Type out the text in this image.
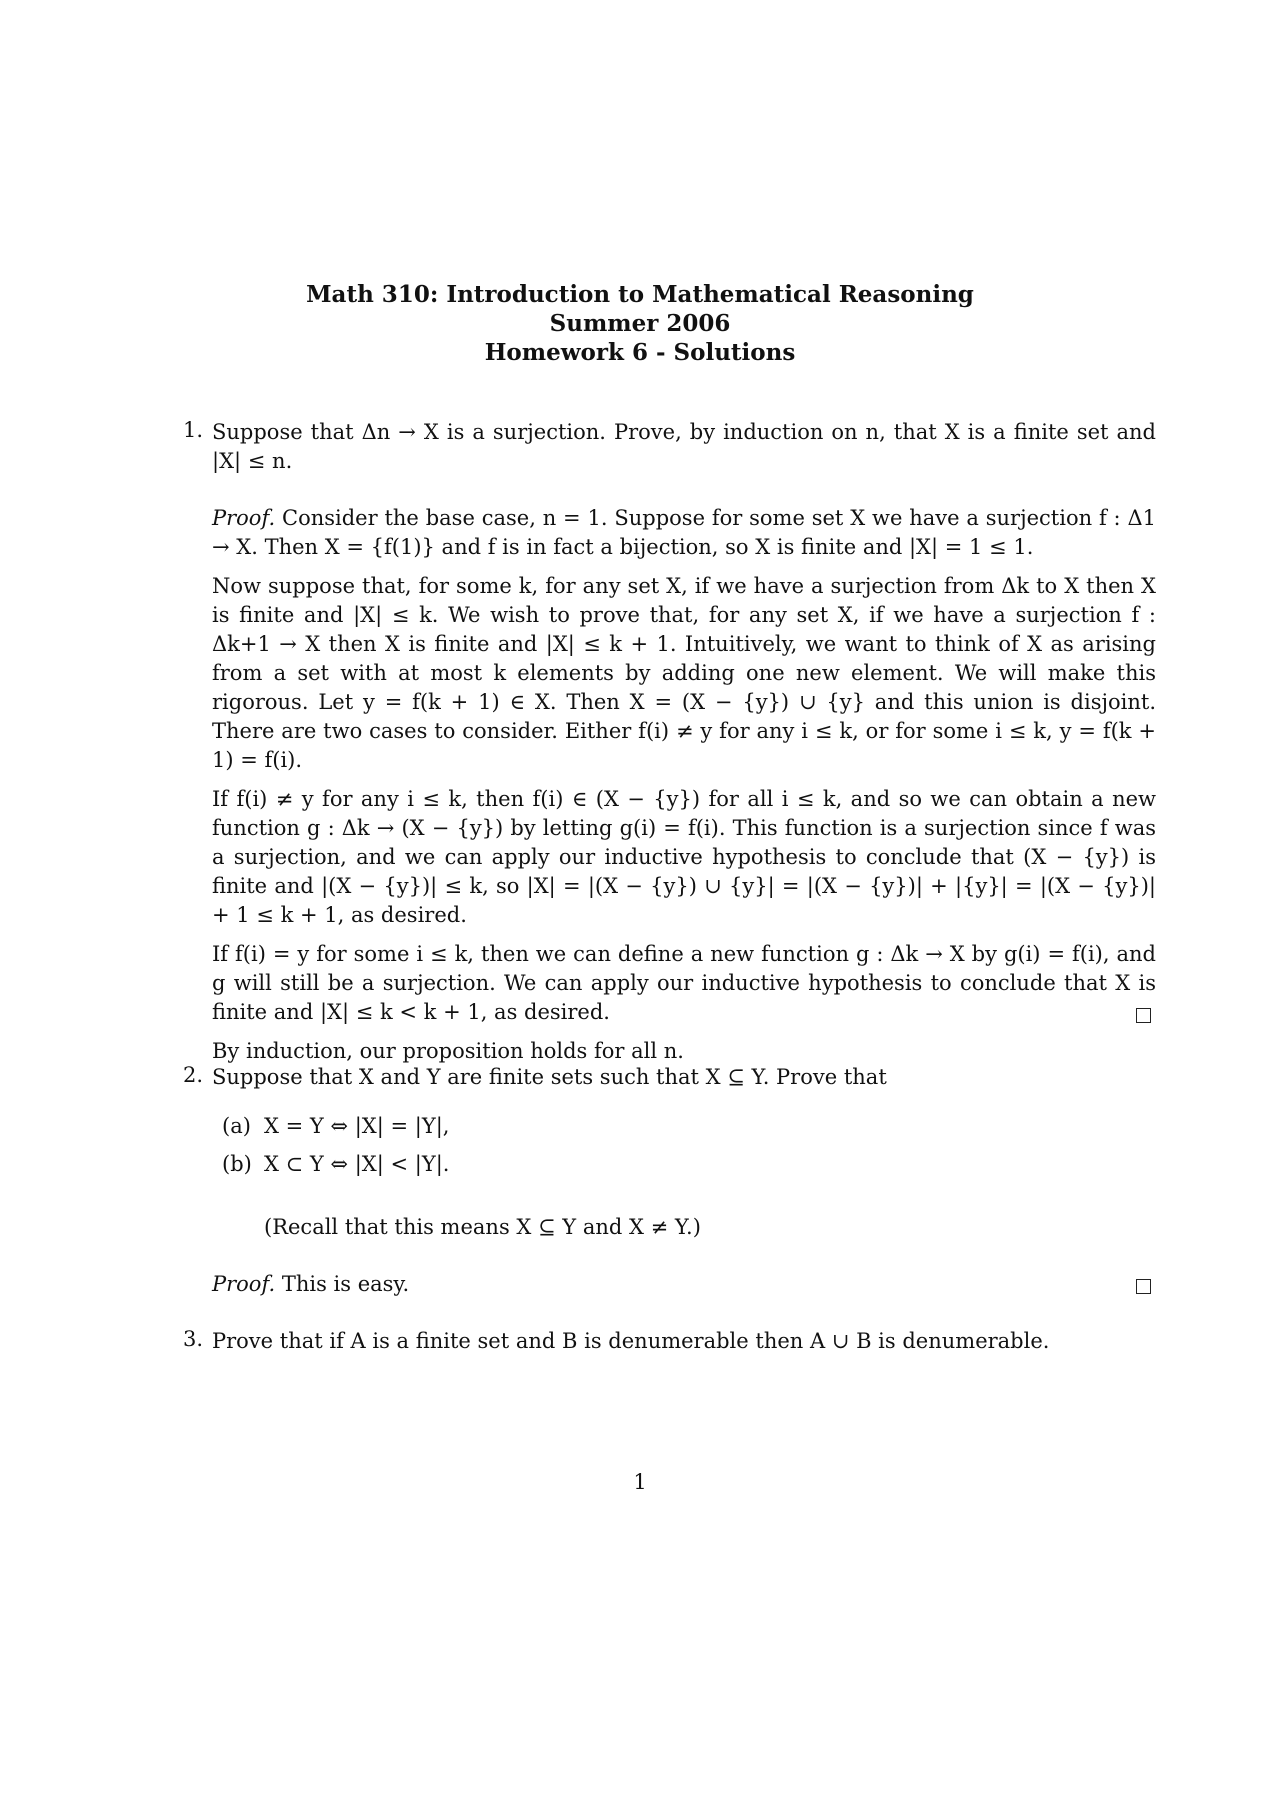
Math 310: Introduction to Mathematical Reasoning
Summer 2006
Homework 6 - Solutions
1. Suppose that Δn → X is a surjection. Prove, by induction on n, that X is a finite set and |X| ≤ n.

Proof. Consider the base case, n = 1. Suppose for some set X we have a surjection f : Δ1 → X. Then X = {f(1)} and f is in fact a bijection, so X is finite and |X| = 1 ≤ 1.

Now suppose that, for some k, for any set X, if we have a surjection from Δk to X then X is finite and |X| ≤ k. We wish to prove that, for any set X, if we have a surjection f : Δk+1 → X then X is finite and |X| ≤ k + 1. Intuitively, we want to think of X as arising from a set with at most k elements by adding one new element. We will make this rigorous. Let y = f(k + 1) ∈ X. Then X = (X − {y}) ∪ {y} and this union is disjoint. There are two cases to consider. Either f(i) ≠ y for any i ≤ k, or for some i ≤ k, y = f(k + 1) = f(i).

If f(i) ≠ y for any i ≤ k, then f(i) ∈ (X − {y}) for all i ≤ k, and so we can obtain a new function g : Δk → (X − {y}) by letting g(i) = f(i). This function is a surjection since f was a surjection, and we can apply our inductive hypothesis to conclude that (X − {y}) is finite and |(X − {y})| ≤ k, so |X| = |(X − {y}) ∪ {y}| = |(X − {y})| + |{y}| = |(X − {y})| + 1 ≤ k + 1, as desired.

If f(i) = y for some i ≤ k, then we can define a new function g : Δk → X by g(i) = f(i), and g will still be a surjection. We can apply our inductive hypothesis to conclude that X is finite and |X| ≤ k < k + 1, as desired.

By induction, our proposition holds for all n.

2. Suppose that X and Y are finite sets such that X ⊆ Y. Prove that
(a) X = Y ⇔ |X| = |Y|,
(b) X ⊂ Y ⇔ |X| < |Y|.
(Recall that this means X ⊆ Y and X ≠ Y.)
Proof. This is easy.
3. Prove that if A is a finite set and B is denumerable then A ∪ B is denumerable.
1
